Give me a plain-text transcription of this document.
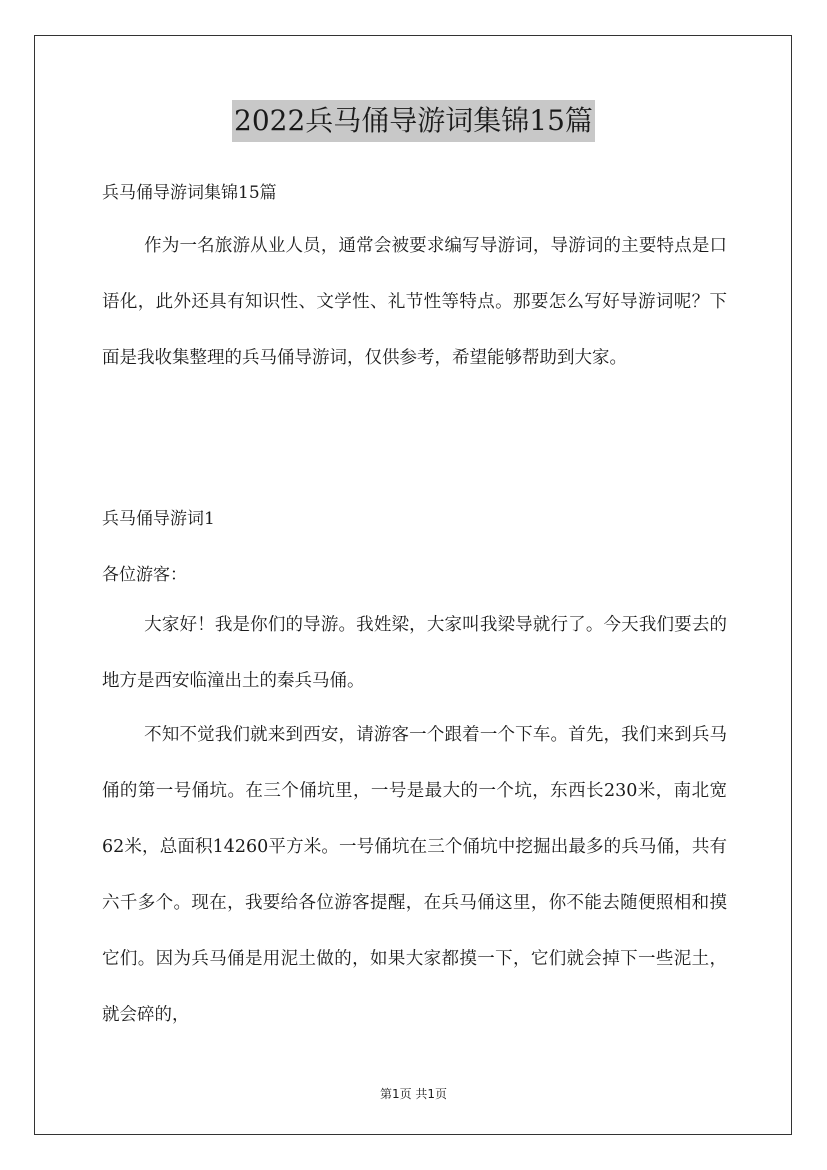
2022兵马俑导游词集锦15篇
兵马俑导游词集锦15篇

作为一名旅游从业人员，通常会被要求编写导游词，导游词的主要特点是口语化，此外还具有知识性、文学性、礼节性等特点。那要怎么写好导游词呢？下面是我收集整理的兵马俑导游词，仅供参考，希望能够帮助到大家。

兵马俑导游词1
各位游客：

大家好！我是你们的导游。我姓梁，大家叫我梁导就行了。今天我们要去的地方是西安临潼出土的秦兵马俑。

不知不觉我们就来到西安，请游客一个跟着一个下车。首先，我们来到兵马俑的第一号俑坑。在三个俑坑里，一号是最大的一个坑，东西长230米，南北宽62米，总面积14260平方米。一号俑坑在三个俑坑中挖掘出最多的兵马俑，共有六千多个。现在，我要给各位游客提醒，在兵马俑这里，你不能去随便照相和摸它们。因为兵马俑是用泥土做的，如果大家都摸一下，它们就会掉下一些泥土，就会碎的，

第1页 共1页
